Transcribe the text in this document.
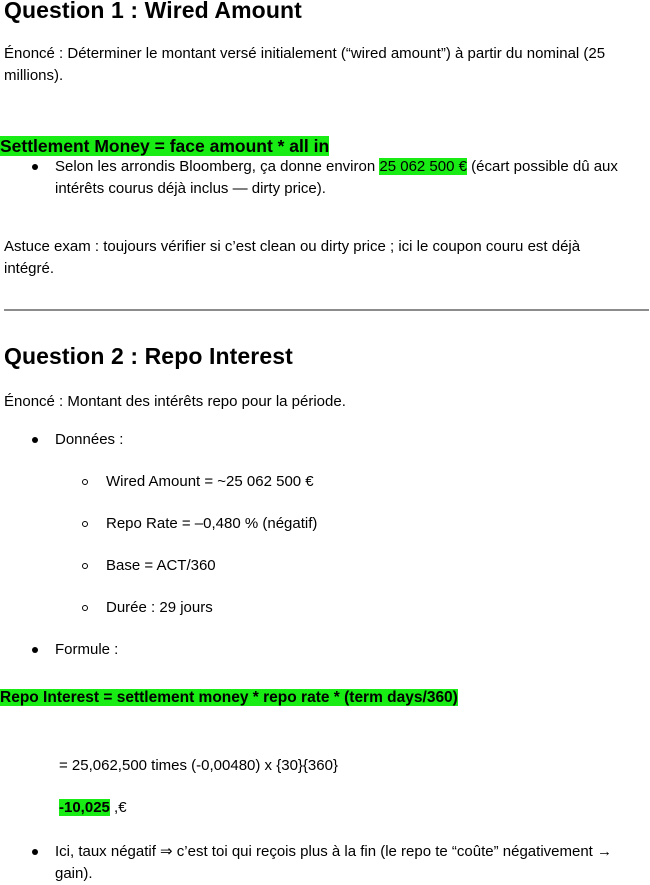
Question 1 : Wired Amount
Énoncé : Déterminer le montant versé initialement (“wired amount”) à partir du nominal (25 millions).
Settlement Money = face amount * all in
Selon les arrondis Bloomberg, ça donne environ 25 062 500 € (écart possible dû aux intérêts courus déjà inclus — dirty price).
Astuce exam : toujours vérifier si c’est clean ou dirty price ; ici le coupon couru est déjà intégré.
Question 2 : Repo Interest
Énoncé : Montant des intérêts repo pour la période.
Données :
Wired Amount = ~25 062 500 €
Repo Rate = –0,480 % (négatif)
Base = ACT/360
Durée : 29 jours
Formule :
Repo Interest = settlement money * repo rate * (term days/360)
= 25,062,500 times (-0,00480) x {30}{360}
-10,025 ,€
Ici, taux négatif ⇒ c’est toi qui reçois plus à la fin (le repo te “coûte” négativement → gain).
